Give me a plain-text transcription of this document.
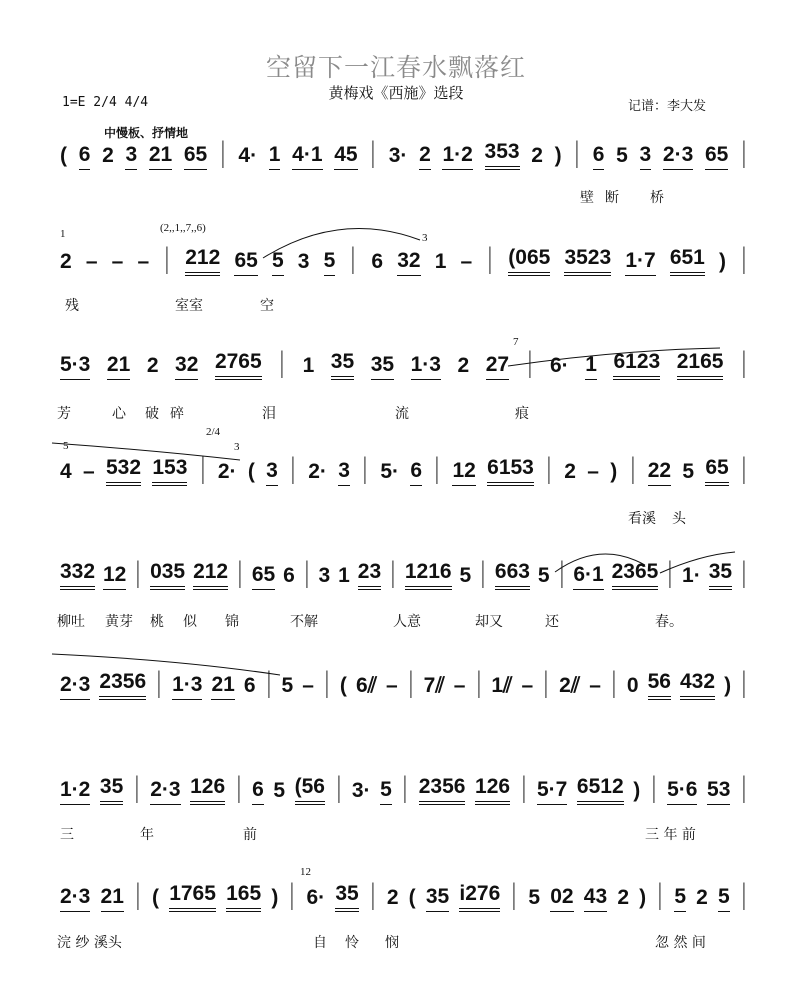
空留下一江春水飘落红
黄梅戏《西施》选段
1=E 2/4 4/4	记谱：李大发
中慢板、抒情地
( 6 2 3 21 65 | 4· 1 4·1 45 | 3· 2 1·2 353 2 ) | 6 5 3 2·3 65 |
壁 断 桥
2 – – – | 212 65 5 3 5 | 6 32 1 – | (065 3523 1·7 651 ) |
残	室室	空
5·3 21 2 32 2765 | 1 35 35 1·3 2 27 | 6· 1 6123 2165 |
芳	心 破 碎	泪	流	痕
4 – 532 153 | 2· ( 3 | 2· 3 | 5· 6 | 12 6153 | 2 – ) | 22 5 65 |
看溪 头
332 12 | 035 212 | 65 6 | 3 1 23 | 1216 5 | 663 5 | 6·1 2365 | 1· 35 |
柳吐 黄芽 桃 似 锦	不解	人意	却又	还	春。
2·3 2356 | 1·3 21 6 | 5 – | ( 6⫽ – | 7⫽ – | 1⫽ – | 2⫽ – | 0 56 432 ) |
1·2 35 | 2·3 126 | 6 5 (56 | 3· 5 | 2356 126 | 5·7 6512 ) | 5·6 53 |
三	年	前	三 年 前
2·3 21 | ( 1765 165 ) | 6· 35 | 2 ( 35 i276 | 5 02 43 2 ) | 5 2 5 |
浣 纱 溪头	自 怜 悯	忽 然 间
(2,,1,,7,,6)
1	3
7
5
2/4
3
12
